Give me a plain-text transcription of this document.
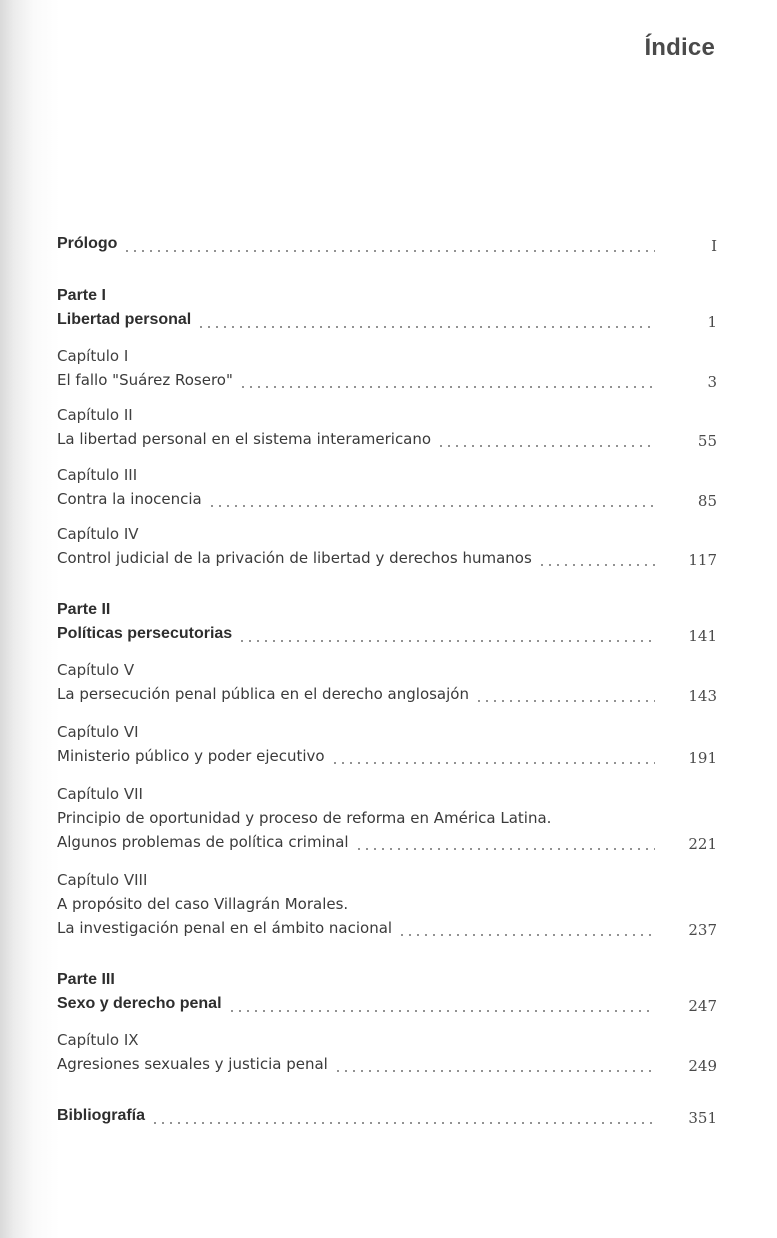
Índice
Prólogo	I
Parte I
Libertad personal	1
Capítulo I
El fallo "Suárez Rosero"	3
Capítulo II
La libertad personal en el sistema interamericano	55
Capítulo III
Contra la inocencia	85
Capítulo IV
Control judicial de la privación de libertad y derechos humanos	117
Parte II
Políticas persecutorias	141
Capítulo V
La persecución penal pública en el derecho anglosajón	143
Capítulo VI
Ministerio público y poder ejecutivo	191
Capítulo VII
Principio de oportunidad y proceso de reforma en América Latina.
Algunos problemas de política criminal	221
Capítulo VIII
A propósito del caso Villagrán Morales.
La investigación penal en el ámbito nacional	237
Parte III
Sexo y derecho penal	247
Capítulo IX
Agresiones sexuales y justicia penal	249
Bibliografía	351
